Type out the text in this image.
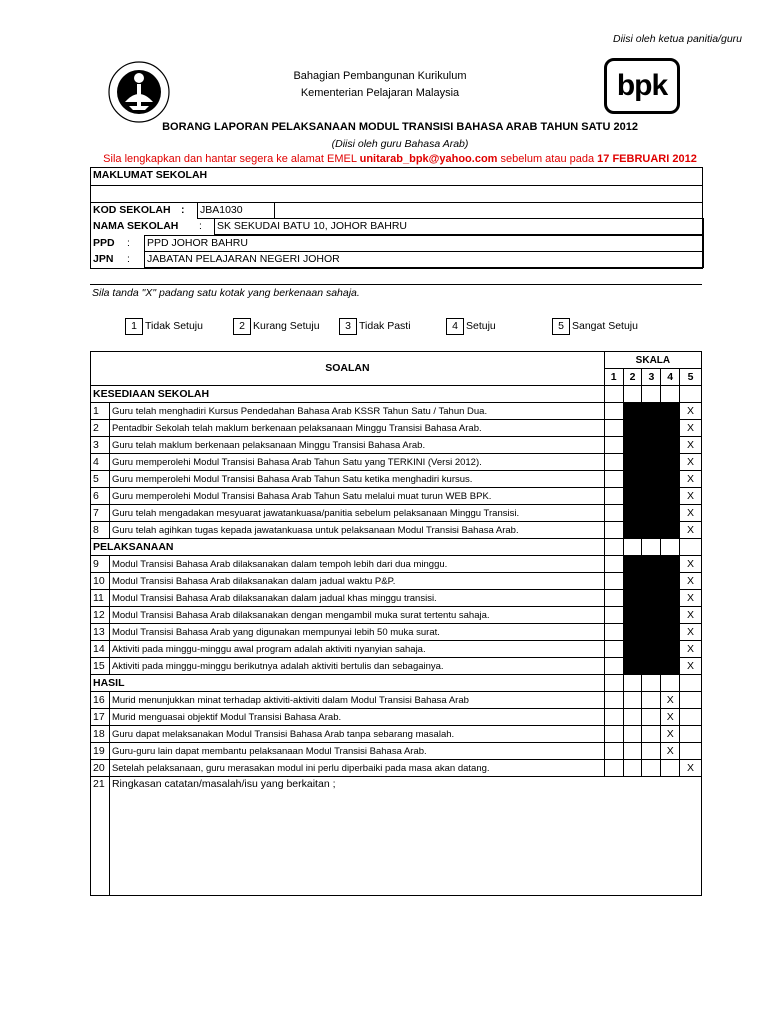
Diisi oleh ketua panitia/guru
Bahagian Pembangunan Kurikulum
Kementerian Pelajaran Malaysia	bpk
BORANG LAPORAN PELAKSANAAN MODUL TRANSISI BAHASA ARAB TAHUN SATU 2012
(Diisi oleh guru Bahasa Arab)
Sila lengkapkan dan hantar segera ke alamat EMEL unitarab_bpk@yahoo.com sebelum atau pada 17 FEBRUARI 2012
MAKLUMAT SEKOLAH
KOD SEKOLAH : JBA1030
NAMA SEKOLAH : SK SEKUDAI BATU 10, JOHOR BAHRU
PPD : PPD JOHOR BAHRU
JPN : JABATAN PELAJARAN NEGERI JOHOR
Sila tanda "X" padang satu kotak yang berkenaan sahaja.
1 Tidak Setuju	2 Kurang Setuju	3 Tidak Pasti	4 Setuju	5 Sangat Setuju
SOALAN		SKALA				
		1	2	3	4	5
KESEDIAAN SEKOLAH						
1	Guru telah menghadiri Kursus Pendedahan Bahasa Arab KSSR Tahun Satu / Tahun Dua.					X
2	Pentadbir Sekolah telah maklum berkenaan pelaksanaan Minggu Transisi Bahasa Arab.					X
3	Guru telah maklum berkenaan pelaksanaan Minggu Transisi Bahasa Arab.					X
4	Guru memperolehi Modul Transisi Bahasa Arab Tahun Satu yang TERKINI (Versi 2012).					X
5	Guru memperolehi Modul Transisi Bahasa Arab Tahun Satu ketika menghadiri kursus.					X
6	Guru memperolehi Modul Transisi Bahasa Arab Tahun Satu melalui muat turun WEB BPK.					X
7	Guru telah mengadakan mesyuarat jawatankuasa/panitia sebelum pelaksanaan Minggu Transisi.					X
8	Guru telah agihkan tugas kepada jawatankuasa untuk pelaksanaan Modul Transisi Bahasa Arab.					X
PELAKSANAAN						
9	Modul Transisi Bahasa Arab dilaksanakan dalam tempoh lebih dari dua minggu.					X
10	Modul Transisi Bahasa Arab dilaksanakan dalam jadual waktu P&P.					X
11	Modul Transisi Bahasa Arab dilaksanakan dalam jadual khas minggu transisi.					X
12	Modul Transisi Bahasa Arab dilaksanakan dengan mengambil muka surat tertentu sahaja.					X
13	Modul Transisi Bahasa Arab yang digunakan mempunyai lebih 50 muka surat.					X
14	Aktiviti pada minggu-minggu awal program adalah aktiviti nyanyian sahaja.					X
15	Aktiviti pada minggu-minggu berikutnya adalah aktiviti bertulis dan sebagainya.					X
HASIL						
16	Murid menunjukkan minat terhadap aktiviti-aktiviti dalam Modul Transisi Bahasa Arab				X	
17	Murid menguasai objektif Modul Transisi Bahasa Arab.				X	
18	Guru dapat melaksanakan Modul Transisi Bahasa Arab tanpa sebarang masalah.				X	
19	Guru-guru lain dapat membantu pelaksanaan Modul Transisi Bahasa Arab.				X	
20	Setelah pelaksanaan, guru merasakan modul ini perlu diperbaiki pada masa akan datang.					X
21	Ringkasan catatan/masalah/isu yang berkaitan ;					
